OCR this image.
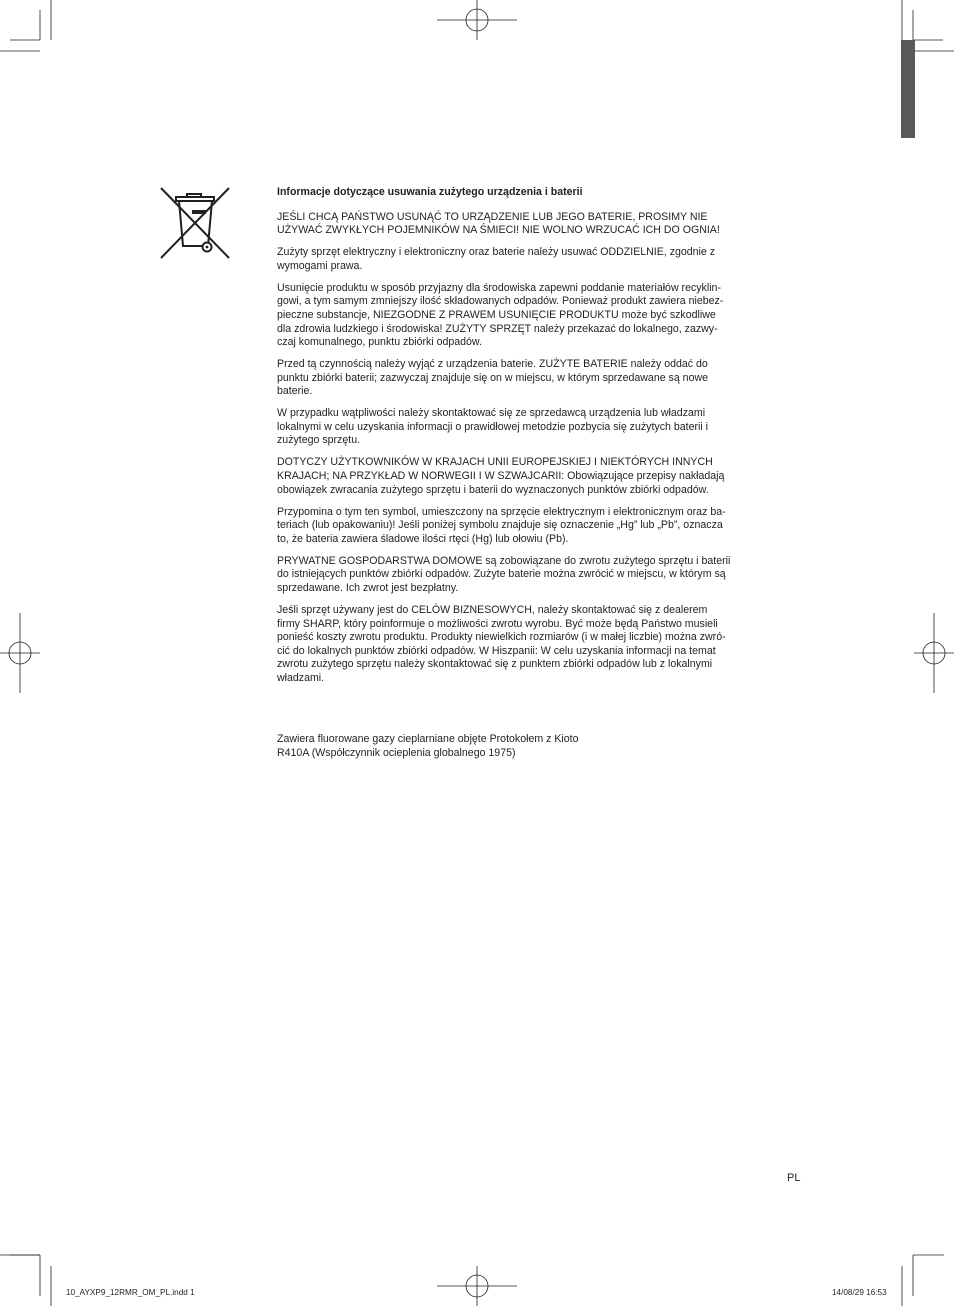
Informacje dotyczące usuwania zużytego urządzenia i baterii

JEŚLI CHCĄ PAŃSTWO USUNĄĆ TO URZĄDZENIE LUB JEGO BATERIE, PROSIMY NIE
UŻYWAĆ ZWYKŁYCH POJEMNIKÓW NA ŚMIECI! NIE WOLNO WRZUCAĆ ICH DO OGNIA!

Zużyty sprzęt elektryczny i elektroniczny oraz baterie należy usuwać ODDZIELNIE, zgodnie z
wymogami prawa.

Usunięcie produktu w sposób przyjazny dla środowiska zapewni poddanie materiałów recyklin-
gowi, a tym samym zmniejszy ilość składowanych odpadów. Ponieważ produkt zawiera niebez-
pieczne substancje, NIEZGODNE Z PRAWEM USUNIĘCIE PRODUKTU może być szkodliwe
dla zdrowia ludzkiego i środowiska! ZUŻYTY SPRZĘT należy przekazać do lokalnego, zazwy-
czaj komunalnego, punktu zbiórki odpadów.

Przed tą czynnością należy wyjąć z urządzenia baterie. ZUŻYTE BATERIE należy oddać do
punktu zbiórki baterii; zazwyczaj znajduje się on w miejscu, w którym sprzedawane są nowe
baterie.

W przypadku wątpliwości należy skontaktować się ze sprzedawcą urządzenia lub władzami
lokalnymi w celu uzyskania informacji o prawidłowej metodzie pozbycia się zużytych baterii i
zużytego sprzętu.

DOTYCZY UŻYTKOWNIKÓW W KRAJACH UNII EUROPEJSKIEJ I NIEKTÓRYCH INNYCH
KRAJACH; NA PRZYKŁAD W NORWEGII I W SZWAJCARII: Obowiązujące przepisy nakładają
obowiązek zwracania zużytego sprzętu i baterii do wyznaczonych punktów zbiórki odpadów.

Przypomina o tym ten symbol, umieszczony na sprzęcie elektrycznym i elektronicznym oraz ba-
teriach (lub opakowaniu)! Jeśli poniżej symbolu znajduje się oznaczenie „Hg” lub „Pb”, oznacza
to, że bateria zawiera śladowe ilości rtęci (Hg) lub ołowiu (Pb).

PRYWATNE GOSPODARSTWA DOMOWE są zobowiązane do zwrotu zużytego sprzętu i baterii
do istniejących punktów zbiórki odpadów. Zużyte baterie można zwrócić w miejscu, w którym są
sprzedawane. Ich zwrot jest bezpłatny.

Jeśli sprzęt używany jest do CELÓW BIZNESOWYCH, należy skontaktować się z dealerem
firmy SHARP, który poinformuje o możliwości zwrotu wyrobu. Być może będą Państwo musieli
ponieść koszty zwrotu produktu. Produkty niewielkich rozmiarów (i w małej liczbie) można zwró-
cić do lokalnych punktów zbiórki odpadów. W Hiszpanii: W celu uzyskania informacji na temat
zwrotu zużytego sprzętu należy skontaktować się z punktem zbiórki odpadów lub z lokalnymi
władzami.

Zawiera fluorowane gazy cieplarniane objęte Protokołem z Kioto
R410A (Współczynnik ocieplenia globalnego 1975)
PL
10_AYXP9_12RMR_OM_PL.indd 1	14/08/29 16:53
